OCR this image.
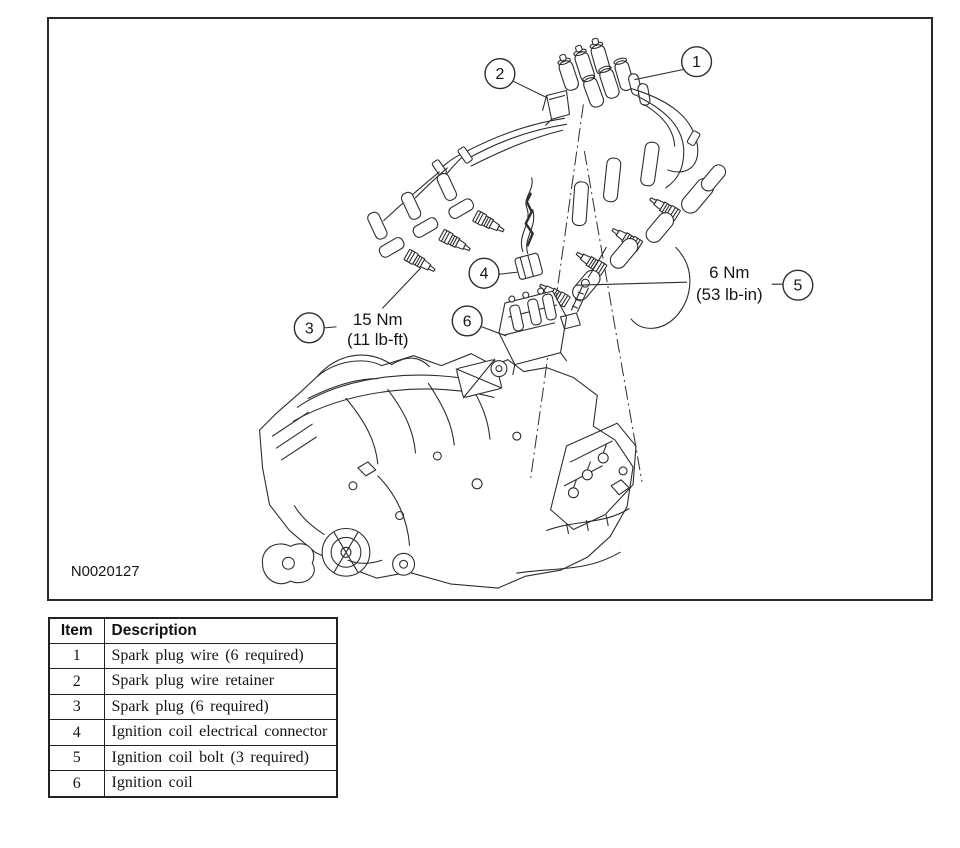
1
2
3
4
5
6
15 Nm
(11 lb-ft)
6 Nm
(53 lb-in)
N0020127
Item	Description
1	Spark plug wire (6 required)
2	Spark plug wire retainer
3	Spark plug (6 required)
4	Ignition coil electrical connector
5	Ignition coil bolt (3 required)
6	Ignition coil
